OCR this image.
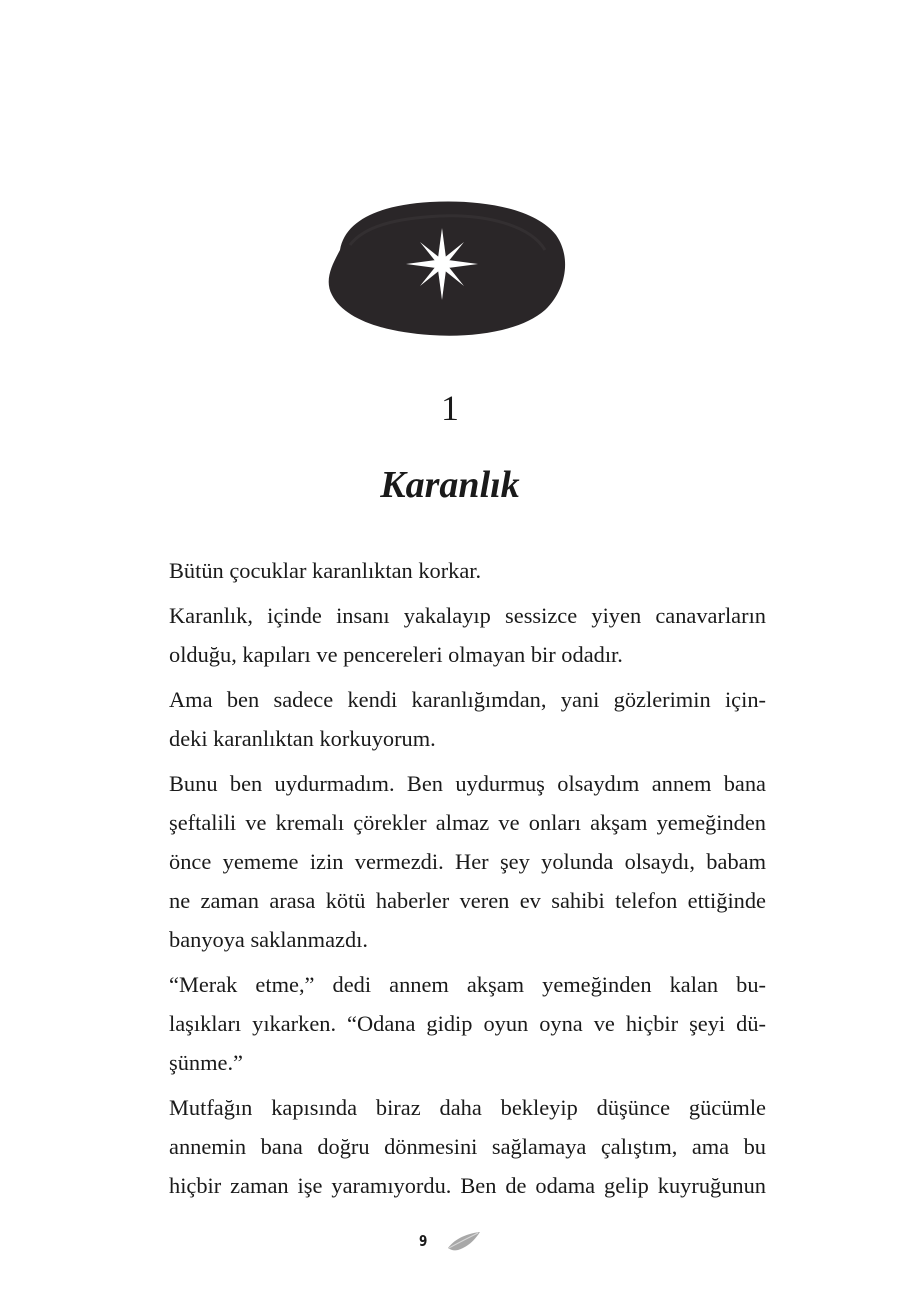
1
Karanlık

Bütün çocuklar karanlıktan korkar.

Karanlık, içinde insanı yakalayıp sessizce yiyen canavarların
olduğu, kapıları ve pencereleri olmayan bir odadır.

Ama ben sadece kendi karanlığımdan, yani gözlerimin için-
deki karanlıktan korkuyorum.

Bunu ben uydurmadım. Ben uydurmuş olsaydım annem bana
şeftalili ve kremalı çörekler almaz ve onları akşam yemeğinden
önce yememe izin vermezdi. Her şey yolunda olsaydı, babam
ne zaman arasa kötü haberler veren ev sahibi telefon ettiğinde
banyoya saklanmazdı.

“Merak etme,” dedi annem akşam yemeğinden kalan bu-
laşıkları yıkarken. “Odana gidip oyun oyna ve hiçbir şeyi dü-
şünme.”

Mutfağın kapısında biraz daha bekleyip düşünce gücümle
annemin bana doğru dönmesini sağlamaya çalıştım, ama bu
hiçbir zaman işe yaramıyordu. Ben de odama gelip kuyruğunun

9
